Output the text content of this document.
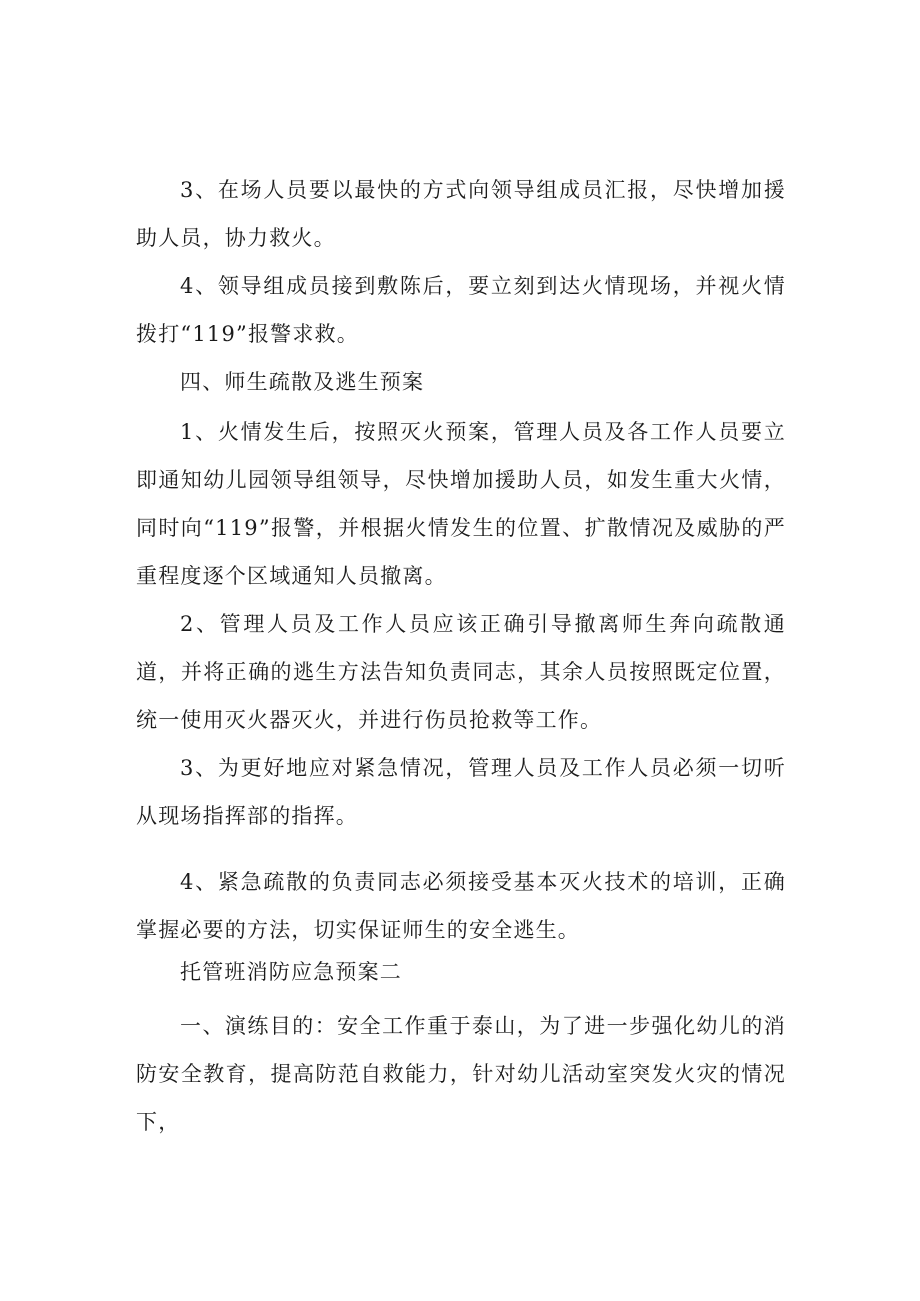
3、在场人员要以最快的方式向领导组成员汇报，尽快增加援助人员，协力救火。

4、领导组成员接到敷陈后，要立刻到达火情现场，并视火情拨打“119”报警求救。

四、师生疏散及逃生预案

1、火情发生后，按照灭火预案，管理人员及各工作人员要立即通知幼儿园领导组领导，尽快增加援助人员，如发生重大火情，同时向“119”报警，并根据火情发生的位置、扩散情况及威胁的严重程度逐个区域通知人员撤离。

2、管理人员及工作人员应该正确引导撤离师生奔向疏散通道，并将正确的逃生方法告知负责同志，其余人员按照既定位置，统一使用灭火器灭火，并进行伤员抢救等工作。

3、为更好地应对紧急情况，管理人员及工作人员必须一切听从现场指挥部的指挥。

4、紧急疏散的负责同志必须接受基本灭火技术的培训，正确掌握必要的方法，切实保证师生的安全逃生。

托管班消防应急预案二

一、演练目的：安全工作重于泰山，为了进一步强化幼儿的消防安全教育，提高防范自救能力，针对幼儿活动室突发火灾的情况下，
